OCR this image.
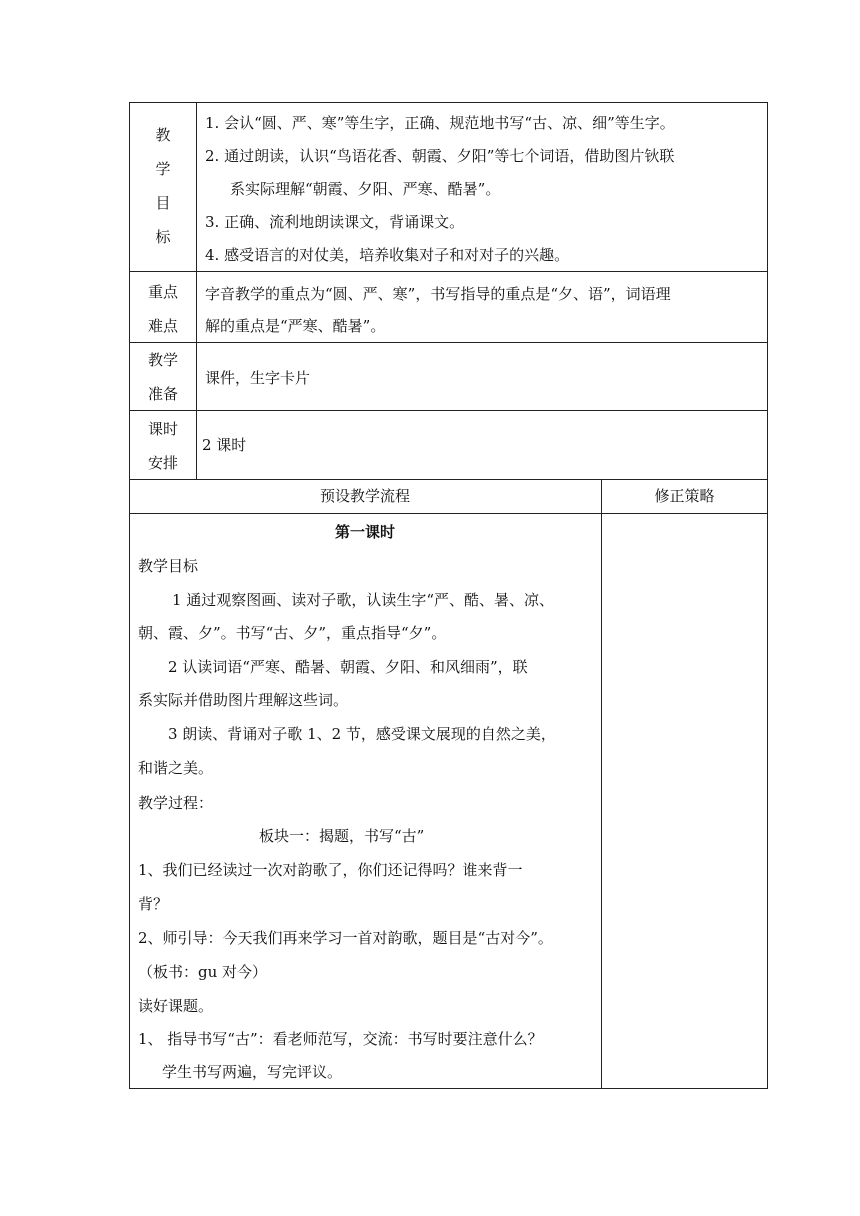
教
学
目
标
1. 会认“圆、严、寒”等生字，正确、规范地书写“古、凉、细”等生字。
2. 通过朗读，认识“鸟语花香、朝霞、夕阳”等七个词语，借助图片钬联
系实际理解“朝霞、夕阳、严寒、酷暑”。
3. 正确、流利地朗读课文，背诵课文。
4. 感受语言的对仗美，培养收集对子和对对子的兴趣。
重点
难点
字音教学的重点为“圆、严、寒”，书写指导的重点是“夕、语”，词语理
解的重点是“严寒、酷暑”。
教学
准备
课件，生字卡片
课时
安排
2 课时
预设教学流程	修正策略
第一课时
教学目标
1 通过观察图画、读对子歌，认读生字“严、酷、暑、凉、
朝、霞、夕”。书写“古、夕”，重点指导“夕”。
2 认读词语“严寒、酷暑、朝霞、夕阳、和风细雨”，联
系实际并借助图片理解这些词。
3 朗读、背诵对子歌 1、2 节，感受课文展现的自然之美，
和谐之美。
教学过程：
板块一：揭题，书写“古”
1、我们已经读过一次对韵歌了，你们还记得吗？谁来背一
背？
2、师引导：今天我们再来学习一首对韵歌，题目是“古对今”。
（板书：gu 对今）
读好课题。
1、 指导书写“古”：看老师范写，交流：书写时要注意什么？
学生书写两遍，写完评议。
